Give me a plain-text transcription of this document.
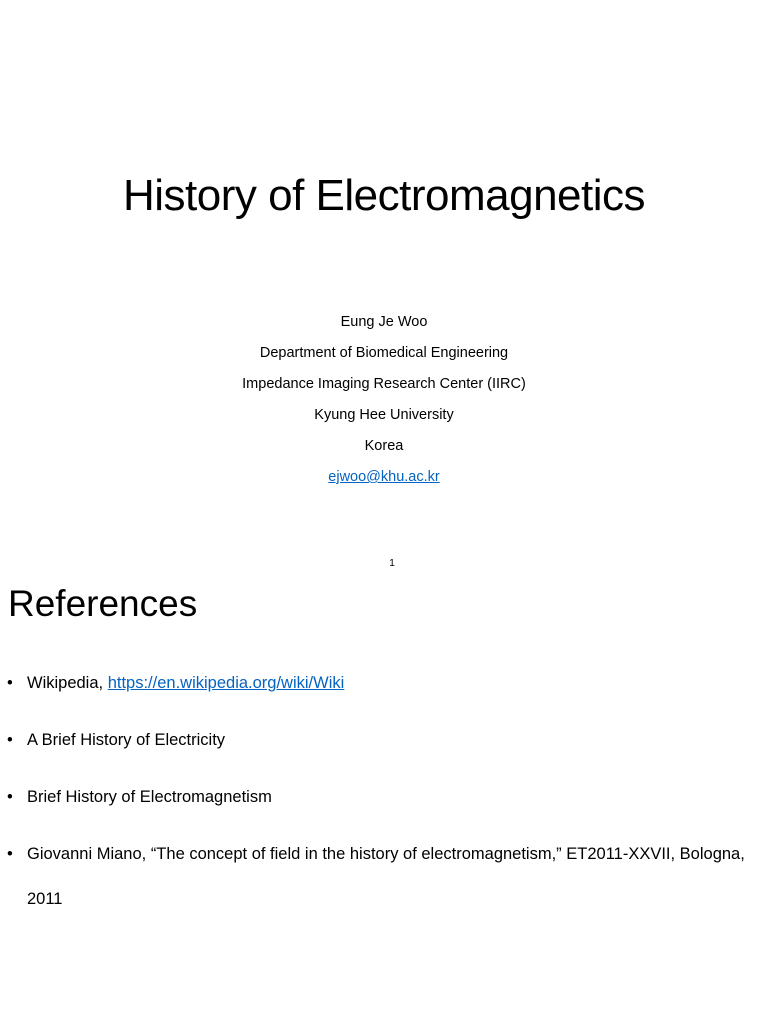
History of Electromagnetics
Eung Je Woo
Department of Biomedical Engineering
Impedance Imaging Research Center (IIRC)
Kyung Hee University
Korea
ejwoo@khu.ac.kr
1
References
• Wikipedia, https://en.wikipedia.org/wiki/Wiki
• A Brief History of Electricity
• Brief History of Electromagnetism
• Giovanni Miano, “The concept of field in the history of electromagnetism,” ET2011-XXVII, Bologna, 2011
